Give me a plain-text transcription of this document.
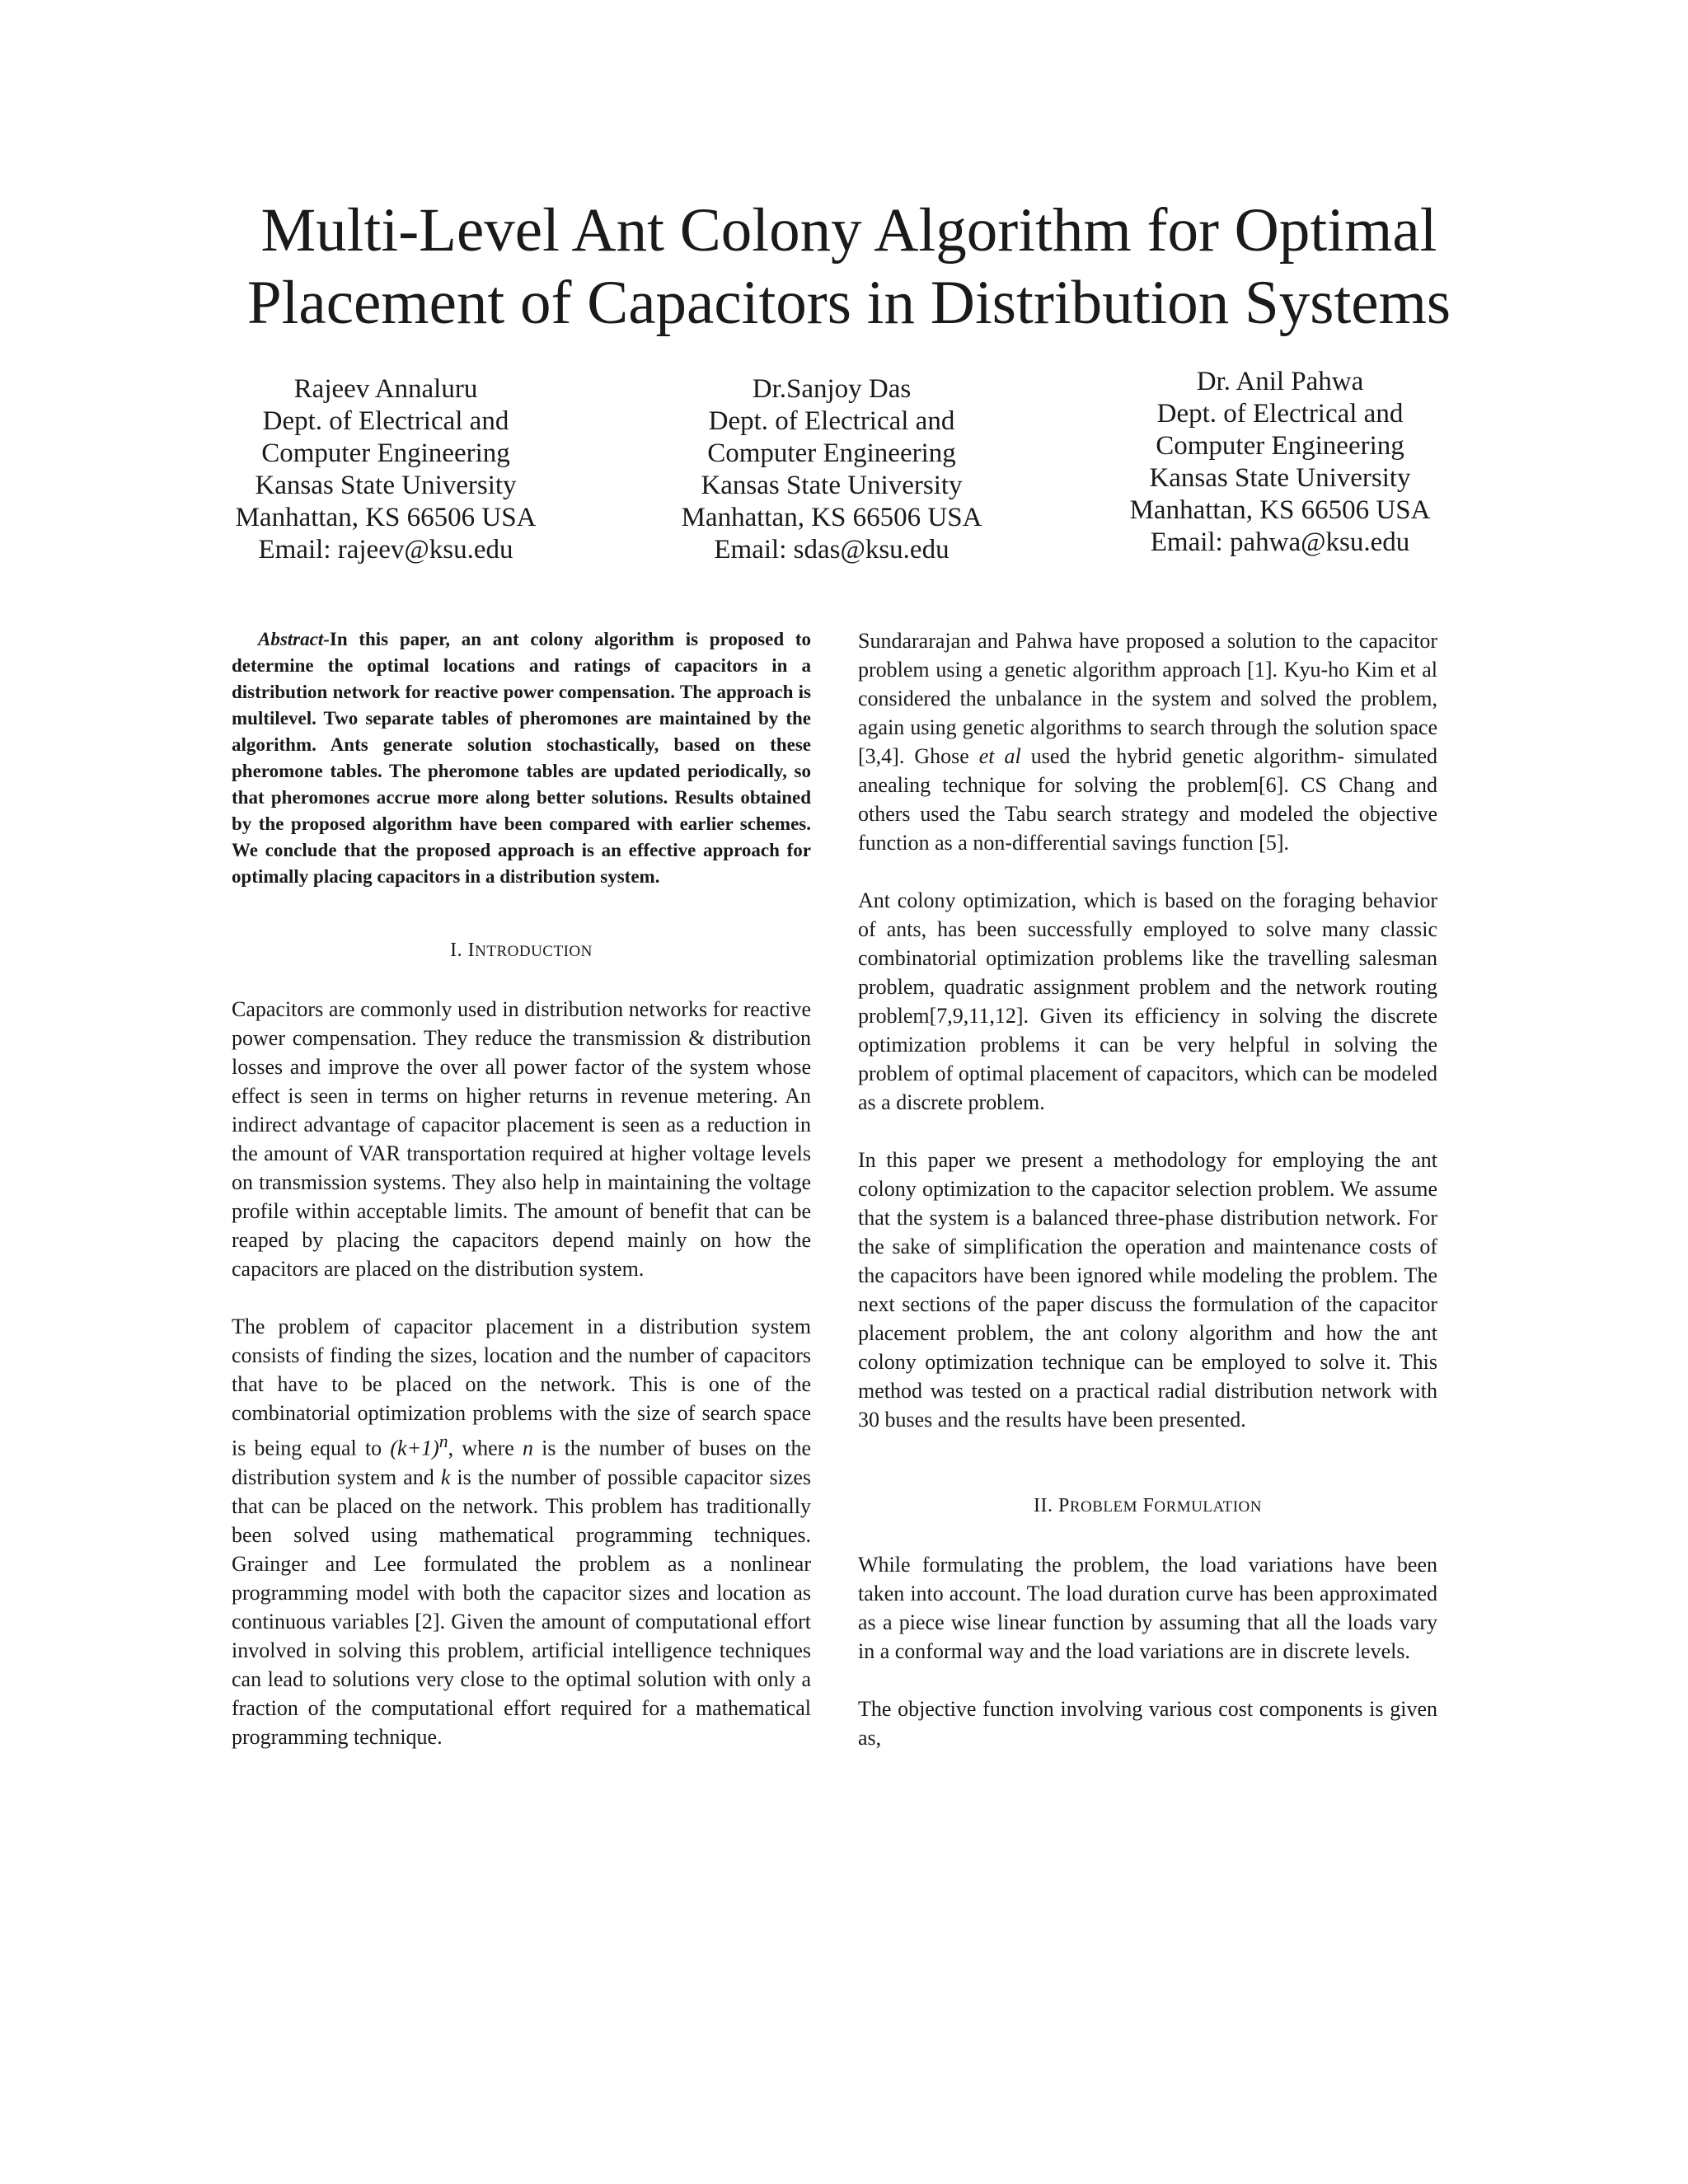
Multi-Level Ant Colony Algorithm for Optimal
Placement of Capacitors in Distribution Systems
Rajeev Annaluru
Dept. of Electrical and
Computer Engineering
Kansas State University
Manhattan, KS 66506 USA
Email: rajeev@ksu.edu
Dr.Sanjoy Das
Dept. of Electrical and
Computer Engineering
Kansas State University
Manhattan, KS 66506 USA
Email: sdas@ksu.edu
Dr. Anil Pahwa
Dept. of Electrical and
Computer Engineering
Kansas State University
Manhattan, KS 66506 USA
Email: pahwa@ksu.edu

Abstract-In this paper, an ant colony algorithm is proposed to determine the optimal locations and ratings of capacitors in a distribution network for reactive power compensation. The approach is multilevel. Two separate tables of pheromones are maintained by the algorithm. Ants generate solution stochastically, based on these pheromone tables. The pheromone tables are updated periodically, so that pheromones accrue more along better solutions. Results obtained by the proposed algorithm have been compared with earlier schemes. We conclude that the proposed approach is an effective approach for optimally placing capacitors in a distribution system.

I. INTRODUCTION

Capacitors are commonly used in distribution networks for reactive power compensation. They reduce the transmission & distribution losses and improve the over all power factor of the system whose effect is seen in terms on higher returns in revenue metering. An indirect advantage of capacitor placement is seen as a reduction in the amount of VAR transportation required at higher voltage levels on transmission systems. They also help in maintaining the voltage profile within acceptable limits. The amount of benefit that can be reaped by placing the capacitors depend mainly on how the capacitors are placed on the distribution system.

The problem of capacitor placement in a distribution system consists of finding the sizes, location and the number of capacitors that have to be placed on the network. This is one of the combinatorial optimization problems with the size of search space is being equal to $(k+1)^n$, where n is the number of buses on the distribution system and k is the number of possible capacitor sizes that can be placed on the network. This problem has traditionally been solved using mathematical programming techniques. Grainger and Lee formulated the problem as a nonlinear programming model with both the capacitor sizes and location as continuous variables [2]. Given the amount of computational effort involved in solving this problem, artificial intelligence techniques can lead to solutions very close to the optimal solution with only a fraction of the computational effort required for a mathematical programming technique.

Sundararajan and Pahwa have proposed a solution to the capacitor problem using a genetic algorithm approach [1]. Kyu-ho Kim et al considered the unbalance in the system and solved the problem, again using genetic algorithms to search through the solution space [3,4]. Ghose et al used the hybrid genetic algorithm- simulated anealing technique for solving the problem[6]. CS Chang and others used the Tabu search strategy and modeled the objective function as a non-differential savings function [5].

Ant colony optimization, which is based on the foraging behavior of ants, has been successfully employed to solve many classic combinatorial optimization problems like the travelling salesman problem, quadratic assignment problem and the network routing problem[7,9,11,12]. Given its efficiency in solving the discrete optimization problems it can be very helpful in solving the problem of optimal placement of capacitors, which can be modeled as a discrete problem.

In this paper we present a methodology for employing the ant colony optimization to the capacitor selection problem. We assume that the system is a balanced three-phase distribution network. For the sake of simplification the operation and maintenance costs of the capacitors have been ignored while modeling the problem. The next sections of the paper discuss the formulation of the capacitor placement problem, the ant colony algorithm and how the ant colony optimization technique can be employed to solve it. This method was tested on a practical radial distribution network with 30 buses and the results have been presented.

II. PROBLEM FORMULATION

While formulating the problem, the load variations have been taken into account. The load duration curve has been approximated as a piece wise linear function by assuming that all the loads vary in a conformal way and the load variations are in discrete levels.

The objective function involving various cost components is given as,
